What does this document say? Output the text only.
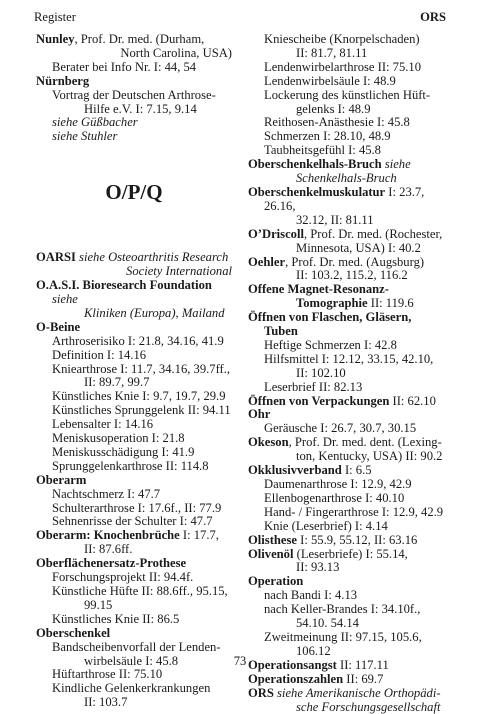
Register	ORS
Nunley, Prof. Dr. med. (Durham,
North Carolina, USA)
Berater bei Info Nr. I: 44, 54
Nürnberg
Vortrag der Deutschen Arthrose-
Hilfe e.V. I: 7.15, 9.14
siehe Güßbacher
siehe Stuhler
O/P/Q
OARSI siehe Osteoarthritis Research
Society International
O.A.S.I. Bioresearch Foundation siehe
Kliniken (Europa), Mailand
O-Beine
Arthroserisiko I: 21.8, 34.16, 41.9
Definition I: 14.16
Kniearthrose I: 11.7, 34.16, 39.7ff.,
II: 89.7, 99.7
Künstliches Knie I: 9.7, 19.7, 29.9
Künstliches Sprunggelenk II: 94.11
Lebensalter I: 14.16
Meniskusoperation I: 21.8
Meniskusschädigung I: 41.9
Sprunggelenkarthrose II: 114.8
Oberarm
Nachtschmerz I: 47.7
Schulterarthrose I: 17.6f., II: 77.9
Sehnenrisse der Schulter I: 47.7
Oberarm: Knochenbrüche I: 17.7,
II: 87.6ff.
Oberflächenersatz-Prothese
Forschungsprojekt II: 94.4f.
Künstliche Hüfte II: 88.6ff., 95.15,
99.15
Künstliches Knie II: 86.5
Oberschenkel
Bandscheibenvorfall der Lenden-
wirbelsäule I: 45.8
Hüftarthrose II: 75.10
Kindliche Gelenkerkrankungen
II: 103.7
Kniescheibe (Knorpelschaden)
II: 81.7, 81.11
Lendenwirbelarthrose II: 75.10
Lendenwirbelsäule I: 48.9
Lockerung des künstlichen Hüft-
gelenks I: 48.9
Reithosen-Anästhesie I: 45.8
Schmerzen I: 28.10, 48.9
Taubheitsgefühl I: 45.8
Oberschenkelhals-Bruch siehe
Schenkelhals-Bruch
Oberschenkelmuskulatur I: 23.7, 26.16,
32.12, II: 81.11
O’Driscoll, Prof. Dr. med. (Rochester,
Minnesota, USA) I: 40.2
Oehler, Prof. Dr. med. (Augsburg)
II: 103.2, 115.2, 116.2
Offene Magnet-Resonanz-
Tomographie II: 119.6
Öffnen von Flaschen, Gläsern, Tuben
Heftige Schmerzen I: 42.8
Hilfsmittel I: 12.12, 33.15, 42.10,
II: 102.10
Leserbrief II: 82.13
Öffnen von Verpackungen II: 62.10
Ohr
Geräusche I: 26.7, 30.7, 30.15
Okeson, Prof. Dr. med. dent. (Lexing-
ton, Kentucky, USA) II: 90.2
Okklusivverband I: 6.5
Daumenarthrose I: 12.9, 42.9
Ellenbogenarthrose I: 40.10
Hand- / Fingerarthrose I: 12.9, 42.9
Knie (Leserbrief) I: 4.14
Olisthese I: 55.9, 55.12, II: 63.16
Olivenöl (Leserbriefe) I: 55.14,
II: 93.13
Operation
nach Bandi I: 4.13
nach Keller-Brandes I: 34.10f.,
54.10. 54.14
Zweitmeinung II: 97.15, 105.6,
106.12
Operationsangst II: 117.11
Operationszahlen II: 69.7
ORS siehe Amerikanische Orthopädi-
sche Forschungsgesellschaft
73
